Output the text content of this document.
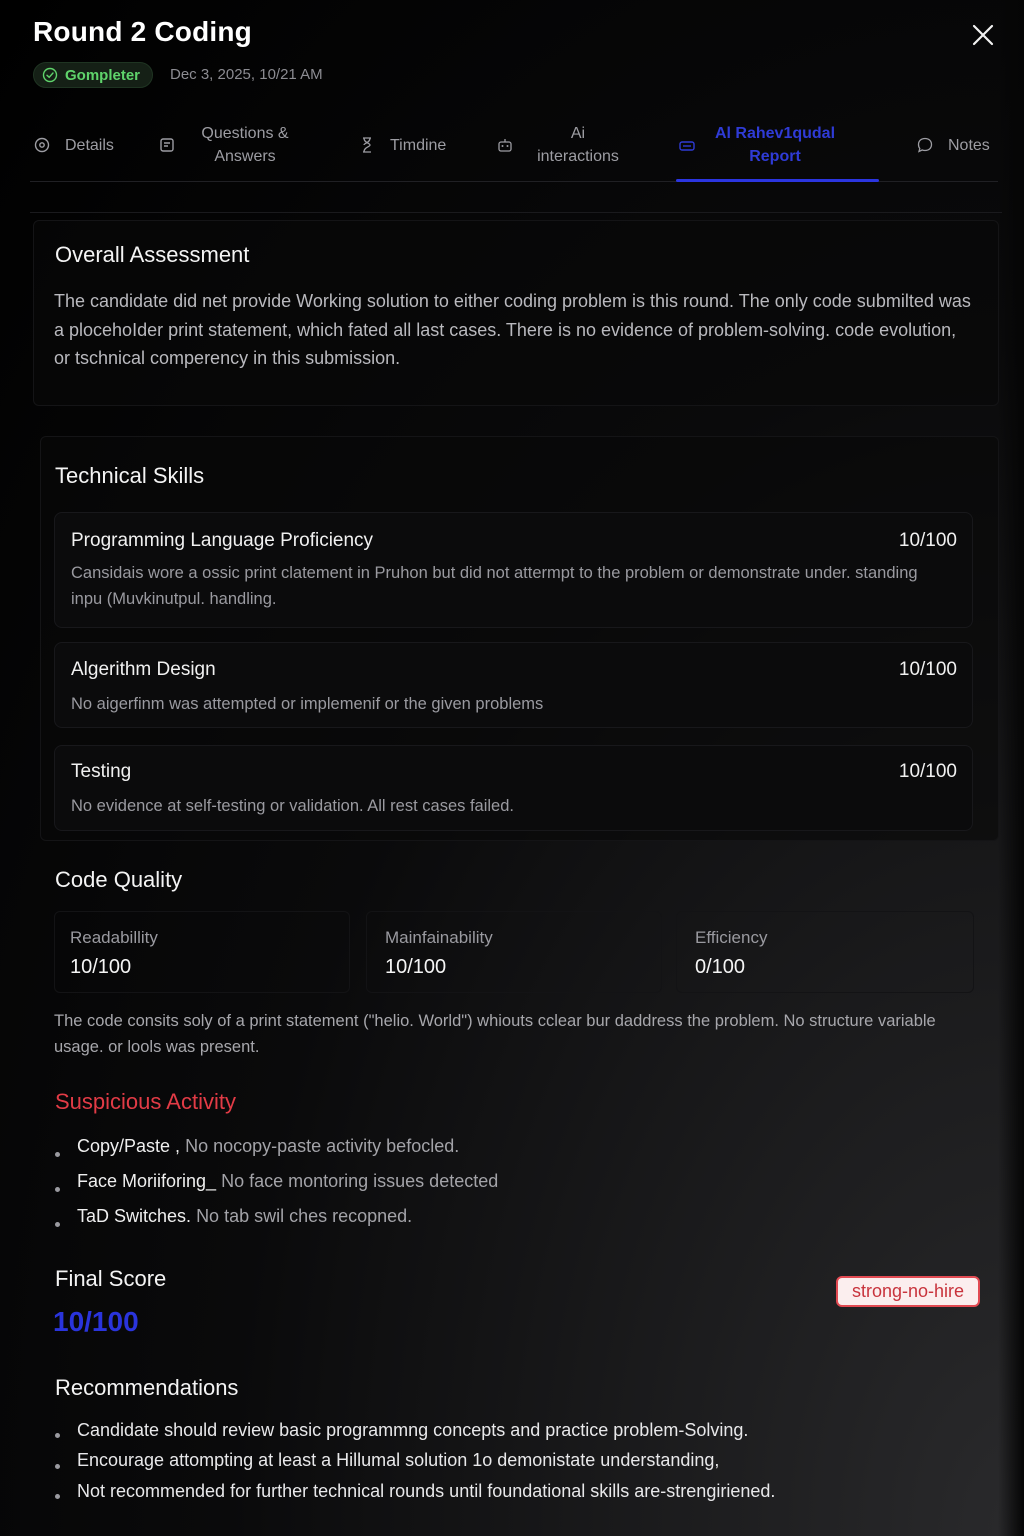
Round 2 Coding
Gompleter Dec 3, 2025, 10/21 AM
Details
Questions & Answers
Timdine
Ai interactions
Al Rahev1qudal Report
Notes
Overall Assessment
The candidate did net provide Working solution to either coding problem is this round. The only code submilted was a plocehoIder print statement, which fated all last cases. There is no evidence of problem-solving. code evolution, or tschnical comperency in this submission.
Technical Skills
Programming Language Proficiency	10/100
Cansidais wore a ossic print clatement in Pruhon but did not attermpt to the problem or demonstrate under. standing inpu (Muvkinutpul. handling.
Algerithm Design	10/100
No aigerfinm was attempted or implemenif or the given problems
Testing	10/100
No evidence at self-testing or validation. All rest cases failed.
Code Quality
Readabillity
10/100
Mainfainability
10/100
Efficiency
0/100
The code consits soly of a print statement ("helio. World") whiouts cclear bur daddress the problem. No structure variable usage. or lools was present.
Suspicious Activity
Copy/Paste , No nocopy-paste activity befocled.
Face Moriiforing_ No face montoring issues detected
TaD Switches. No tab swil ches recopned.
Final Score
10/100
strong-no-hire
Recommendations
Candidate should review basic programmng concepts and practice problem-Solving.
Encourage attompting at least a Hillumal solution 1o demonistate understanding,
Not recommended for further technical rounds until foundational skills are-strengiriened.
